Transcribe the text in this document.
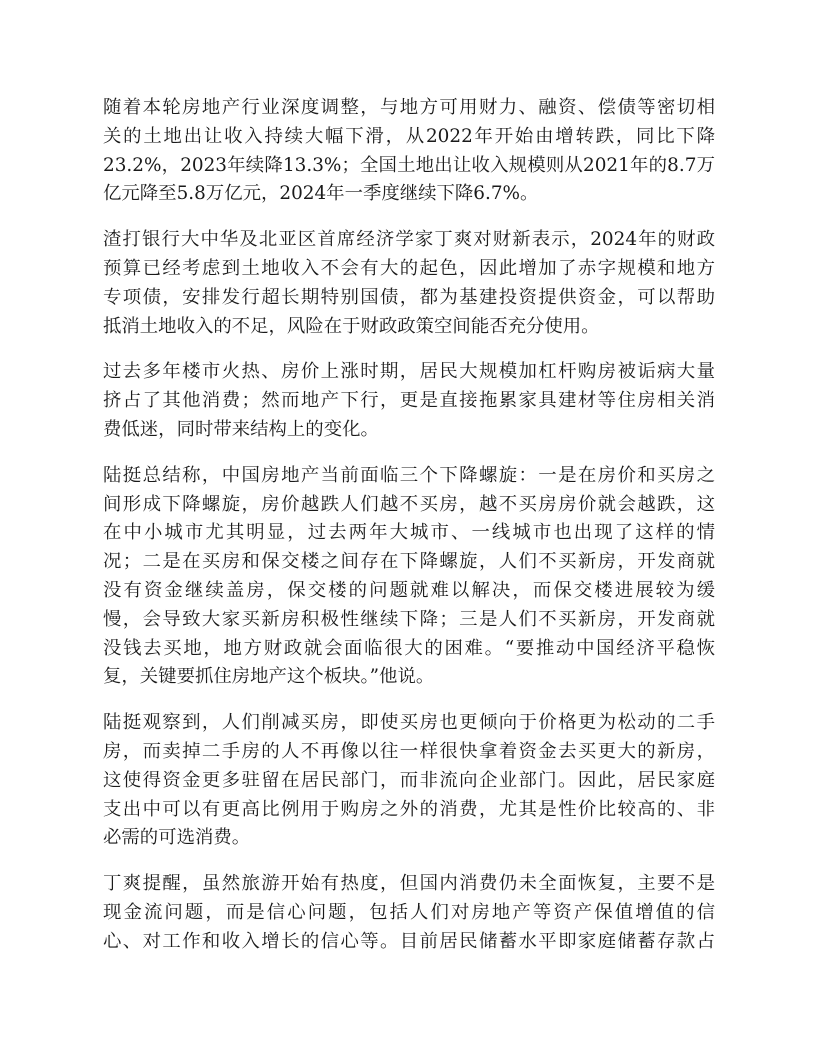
随着本轮房地产行业深度调整，与地方可用财力、融资、偿债等密切相
关的土地出让收入持续大幅下滑，从2022年开始由增转跌，同比下降
23.2%，2023年续降13.3%；全国土地出让收入规模则从2021年的8.7万
亿元降至5.8万亿元，2024年一季度继续下降6.7%。
渣打银行大中华及北亚区首席经济学家丁爽对财新表示，2024年的财政
预算已经考虑到土地收入不会有大的起色，因此增加了赤字规模和地方
专项债，安排发行超长期特别国债，都为基建投资提供资金，可以帮助
抵消土地收入的不足，风险在于财政政策空间能否充分使用。
过去多年楼市火热、房价上涨时期，居民大规模加杠杆购房被诟病大量
挤占了其他消费；然而地产下行，更是直接拖累家具建材等住房相关消
费低迷，同时带来结构上的变化。
陆挺总结称，中国房地产当前面临三个下降螺旋：一是在房价和买房之
间形成下降螺旋，房价越跌人们越不买房，越不买房房价就会越跌，这
在中小城市尤其明显，过去两年大城市、一线城市也出现了这样的情
况；二是在买房和保交楼之间存在下降螺旋，人们不买新房，开发商就
没有资金继续盖房，保交楼的问题就难以解决，而保交楼进展较为缓
慢，会导致大家买新房积极性继续下降；三是人们不买新房，开发商就
没钱去买地，地方财政就会面临很大的困难。“要推动中国经济平稳恢
复，关键要抓住房地产这个板块。”他说。
陆挺观察到，人们削减买房，即使买房也更倾向于价格更为松动的二手
房，而卖掉二手房的人不再像以往一样很快拿着资金去买更大的新房，
这使得资金更多驻留在居民部门，而非流向企业部门。因此，居民家庭
支出中可以有更高比例用于购房之外的消费，尤其是性价比较高的、非
必需的可选消费。
丁爽提醒，虽然旅游开始有热度，但国内消费仍未全面恢复，主要不是
现金流问题，而是信心问题，包括人们对房地产等资产保值增值的信
心、对工作和收入增长的信心等。目前居民储蓄水平即家庭储蓄存款占
